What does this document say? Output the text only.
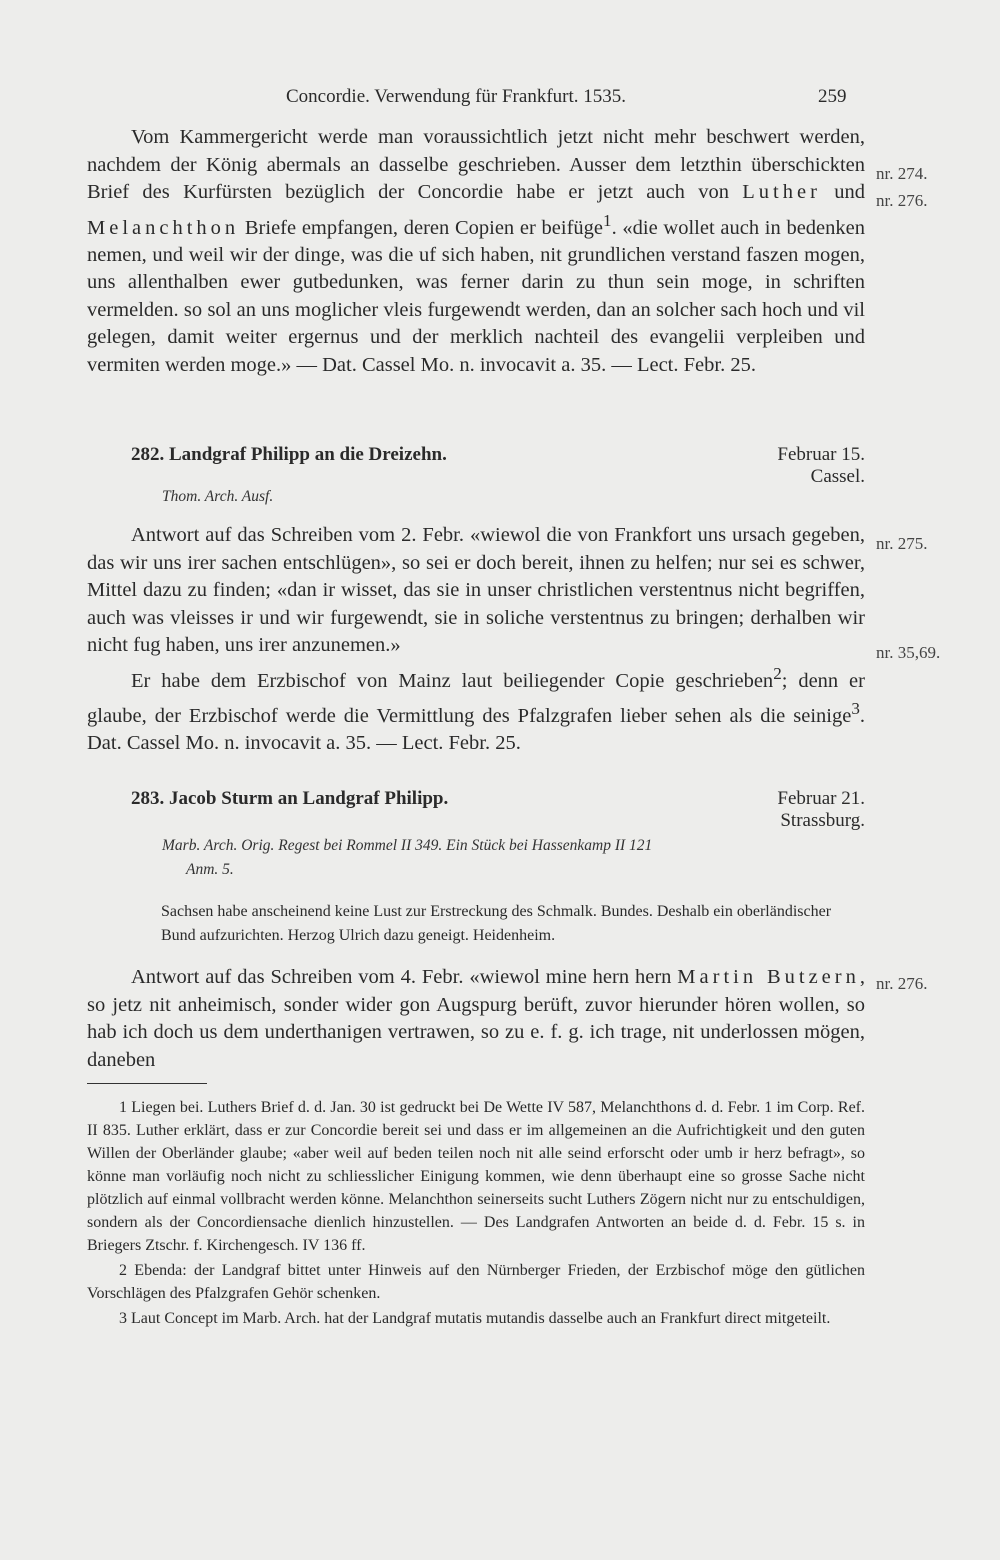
Concordie. Verwendung für Frankfurt. 1535.	259

Vom Kammergericht werde man voraussichtlich jetzt nicht mehr beschwert werden, nachdem der König abermals an dasselbe geschrieben. Ausser dem letzthin überschickten Brief des Kurfürsten bezüglich der Concordie habe er jetzt auch von Luther und Melanchthon Briefe empfangen, deren Copien er beifüge$^1$. «die wollet auch in bedenken nemen, und weil wir der dinge, was die uf sich haben, nit grundlichen verstand faszen mogen, uns allenthalben ewer gutbedunken, was ferner darin zu thun sein moge, in schriften vermelden. so sol an uns moglicher vleis furgewendt werden, dan an solcher sach hoch und vil gelegen, damit weiter ergernus und der merklich nachteil des evangelii verpleiben und vermiten werden moge.» — Dat. Cassel Mo. n. invocavit a. 35. — Lect. Febr. 25.

nr. 274.
nr. 276.
282. Landgraf Philipp an die Dreizehn.	Februar 15.
Cassel.
Thom. Arch. Ausf.

Antwort auf das Schreiben vom 2. Febr. «wiewol die von Frankfort uns ursach gegeben, das wir uns irer sachen entschlügen», so sei er doch bereit, ihnen zu helfen; nur sei es schwer, Mittel dazu zu finden; «dan ir wisset, das sie in unser christlichen verstentnus nicht begriffen, auch was vleisses ir und wir furgewendt, sie in soliche verstentnus zu bringen; derhalben wir nicht fug haben, uns irer anzunemen.»

Er habe dem Erzbischof von Mainz laut beiliegender Copie geschrieben$^2$; denn er glaube, der Erzbischof werde die Vermittlung des Pfalzgrafen lieber sehen als die seinige$^3$. Dat. Cassel Mo. n. invocavit a. 35. — Lect. Febr. 25.

nr. 275.
nr. 35,69.
283. Jacob Sturm an Landgraf Philipp.	Februar 21.
Strassburg.
Marb. Arch. Orig. Regest bei Rommel II 349. Ein Stück bei Hassenkamp II 121
Anm. 5.
Sachsen habe anscheinend keine Lust zur Erstreckung des Schmalk. Bundes. Deshalb ein oberländischer Bund aufzurichten. Herzog Ulrich dazu geneigt. Heidenheim.

Antwort auf das Schreiben vom 4. Febr. «wiewol mine hern hern Martin Butzern, so jetz nit anheimisch, sonder wider gon Augspurg berüft, zuvor hierunder hören wollen, so hab ich doch us dem underthanigen vertrawen, so zu e. f. g. ich trage, nit underlossen mögen, daneben

nr. 276.

1 Liegen bei. Luthers Brief d. d. Jan. 30 ist gedruckt bei De Wette IV 587, Melanchthons d. d. Febr. 1 im Corp. Ref. II 835. Luther erklärt, dass er zur Concordie bereit sei und dass er im allgemeinen an die Aufrichtigkeit und den guten Willen der Oberländer glaube; «aber weil auf beden teilen noch nit alle seind erforscht oder umb ir herz befragt», so könne man vorläufig noch nicht zu schliesslicher Einigung kommen, wie denn überhaupt eine so grosse Sache nicht plötzlich auf einmal vollbracht werden könne. Melanchthon seinerseits sucht Luthers Zögern nicht nur zu entschuldigen, sondern als der Concordiensache dienlich hinzustellen. — Des Landgrafen Antworten an beide d. d. Febr. 15 s. in Briegers Ztschr. f. Kirchengesch. IV 136 ff.

2 Ebenda: der Landgraf bittet unter Hinweis auf den Nürnberger Frieden, der Erzbischof möge den gütlichen Vorschlägen des Pfalzgrafen Gehör schenken.

3 Laut Concept im Marb. Arch. hat der Landgraf mutatis mutandis dasselbe auch an Frankfurt direct mitgeteilt.
